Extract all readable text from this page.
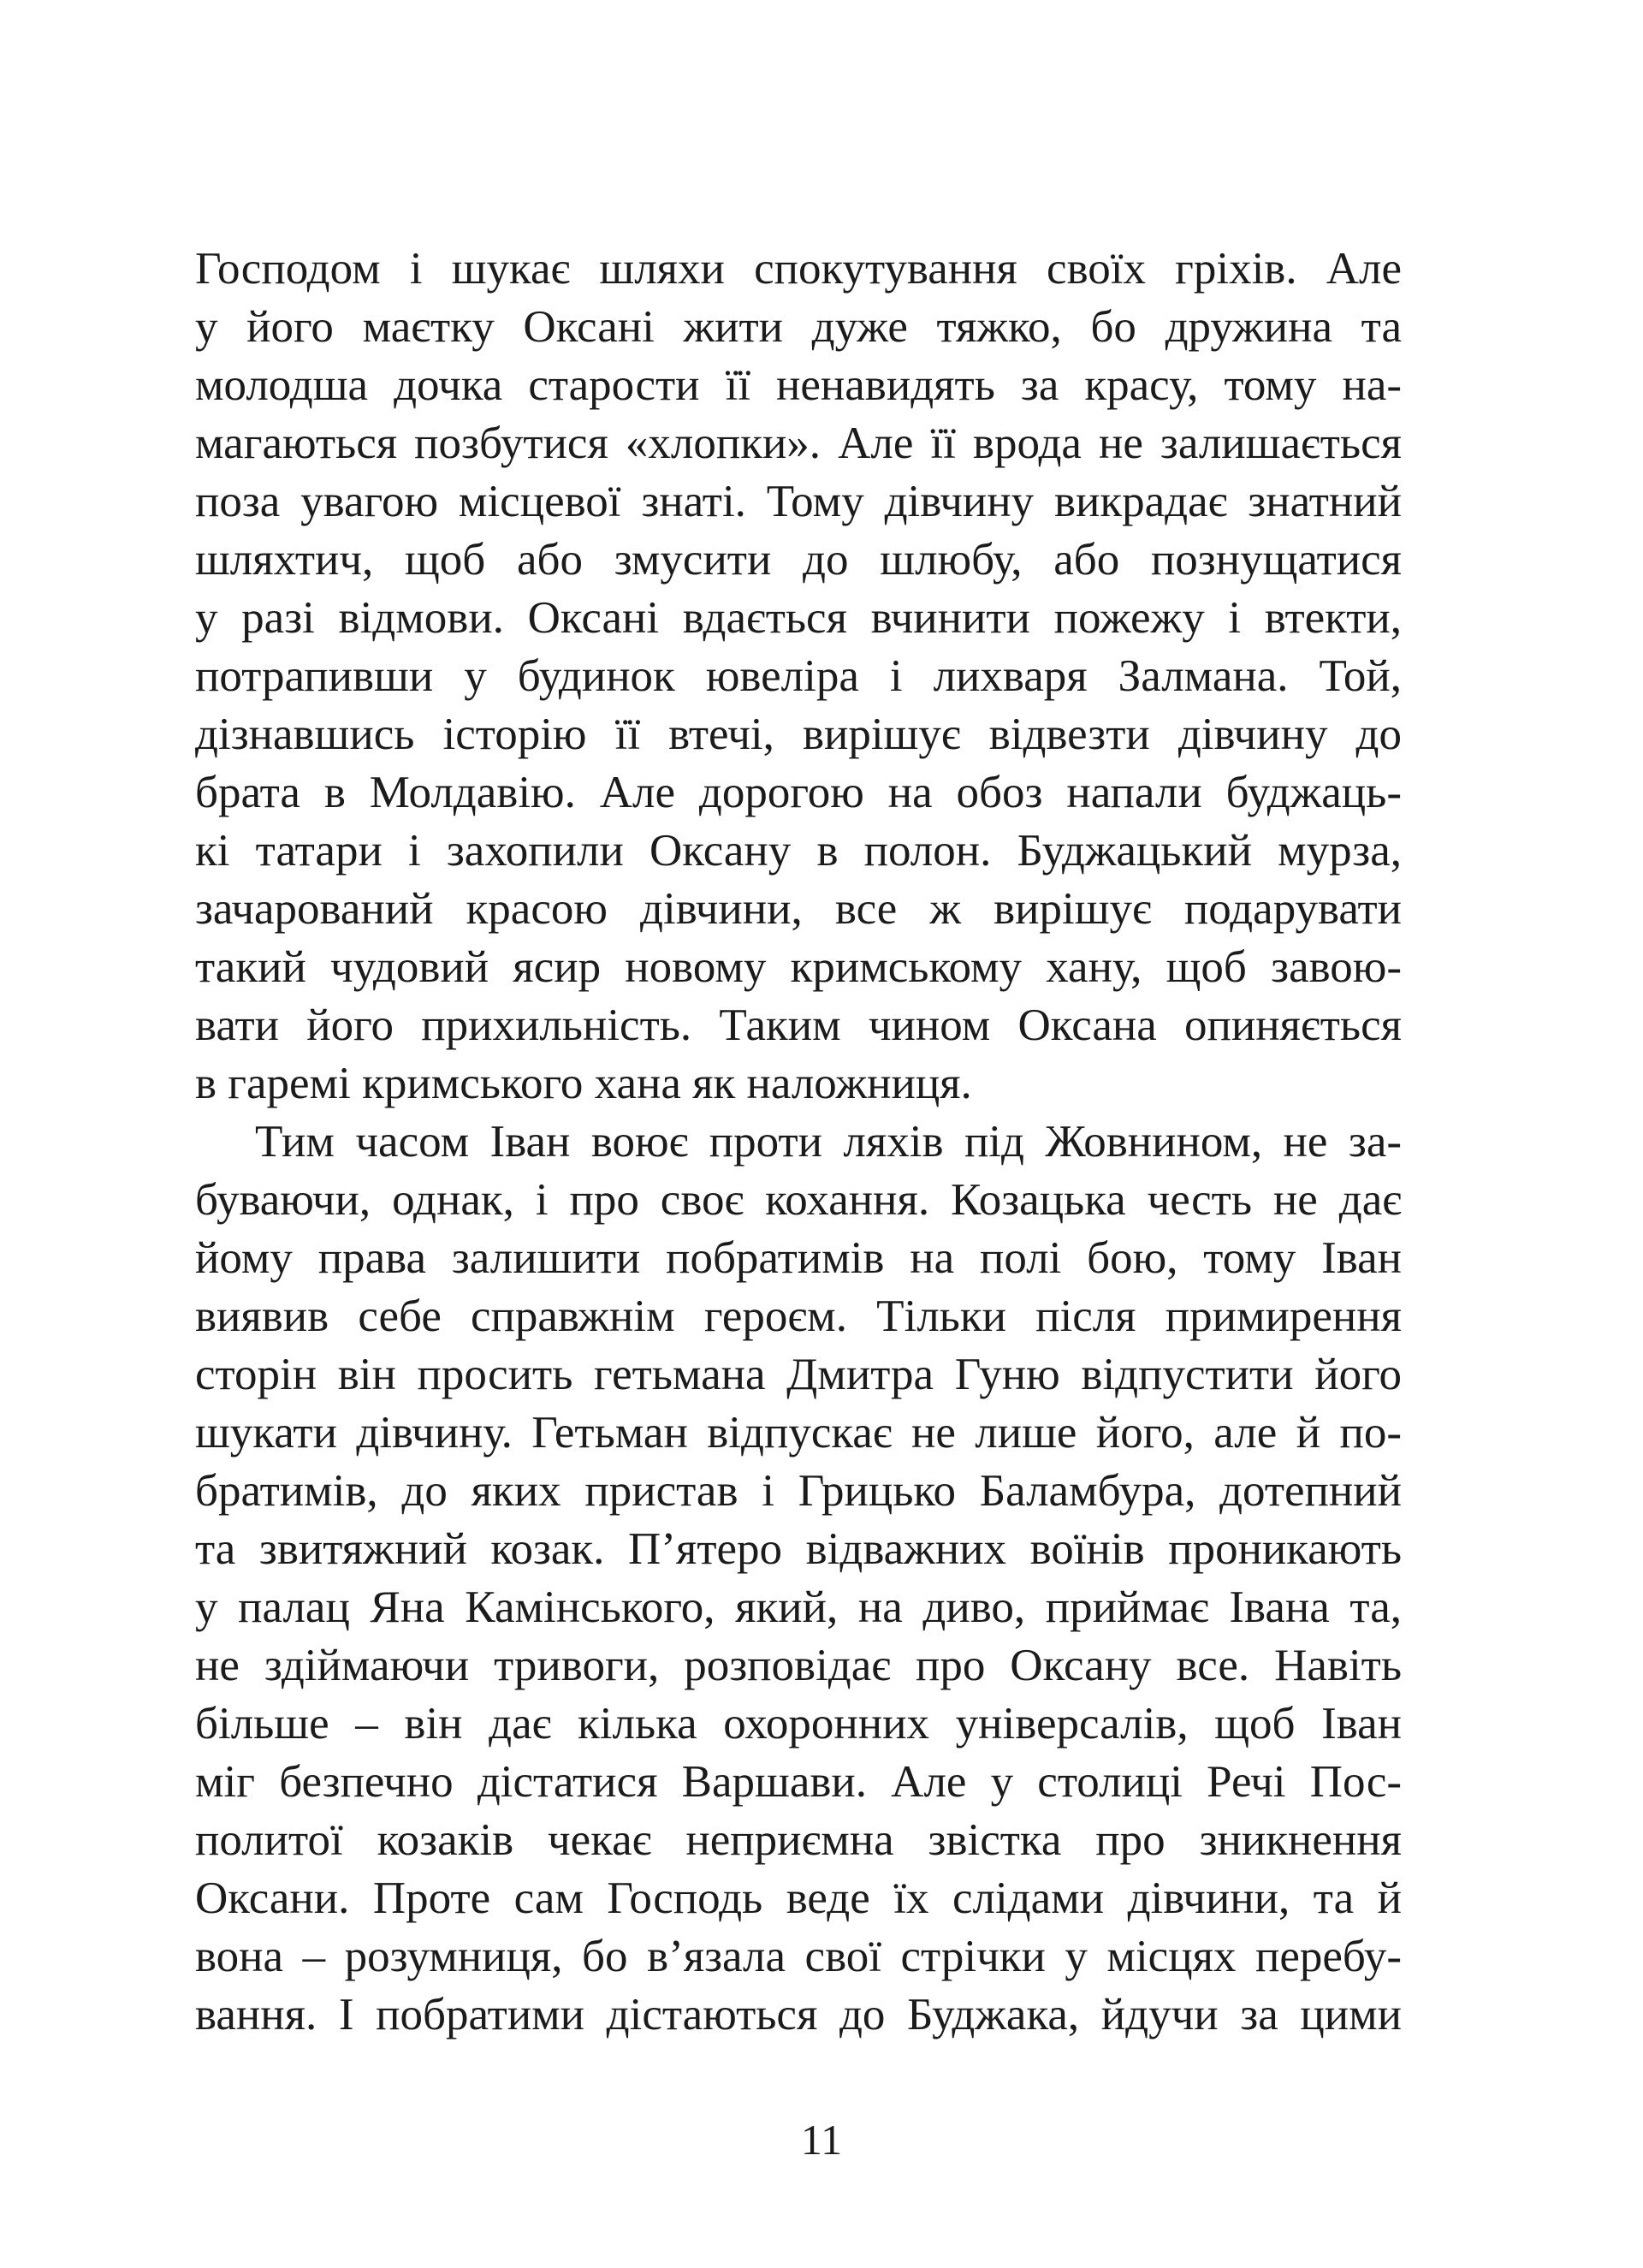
Господом і шукає шляхи спокутування своїх гріхів. Але
у його маєтку Оксані жити дуже тяжко, бо дружина та
молодша дочка старости її ненавидять за красу, тому на-
магаються позбутися «хлопки». Але її врода не залишається
поза увагою місцевої знаті. Тому дівчину викрадає знатний
шляхтич, щоб або змусити до шлюбу, або познущатися
у разі відмови. Оксані вдається вчинити пожежу і втекти,
потрапивши у будинок ювеліра і лихваря Залмана. Той,
дізнавшись історію її втечі, вирішує відвезти дівчину до
брата в Молдавію. Але дорогою на обоз напали буджаць-
кі татари і захопили Оксану в полон. Буджацький мурза,
зачарований красою дівчини, все ж вирішує подарувати
такий чудовий ясир новому кримському хану, щоб завою-
вати його прихильність. Таким чином Оксана опиняється
в гаремі кримського хана як наложниця.
Тим часом Іван воює проти ляхів під Жовнином, не за-
буваючи, однак, і про своє кохання. Козацька честь не дає
йому права залишити побратимів на полі бою, тому Іван
виявив себе справжнім героєм. Тільки після примирення
сторін він просить гетьмана Дмитра Гуню відпустити його
шукати дівчину. Гетьман відпускає не лише його, але й по-
братимів, до яких пристав і Грицько Баламбура, дотепний
та звитяжний козак. П’ятеро відважних воїнів проникають
у палац Яна Камінського, який, на диво, приймає Івана та,
не здіймаючи тривоги, розповідає про Оксану все. Навіть
більше – він дає кілька охоронних універсалів, щоб Іван
міг безпечно дістатися Варшави. Але у столиці Речі Пос-
политої козаків чекає неприємна звістка про зникнення
Оксани. Проте сам Господь веде їх слідами дівчини, та й
вона – розумниця, бо в’язала свої стрічки у місцях перебу-
вання. І побратими дістаються до Буджака, йдучи за цими
11
